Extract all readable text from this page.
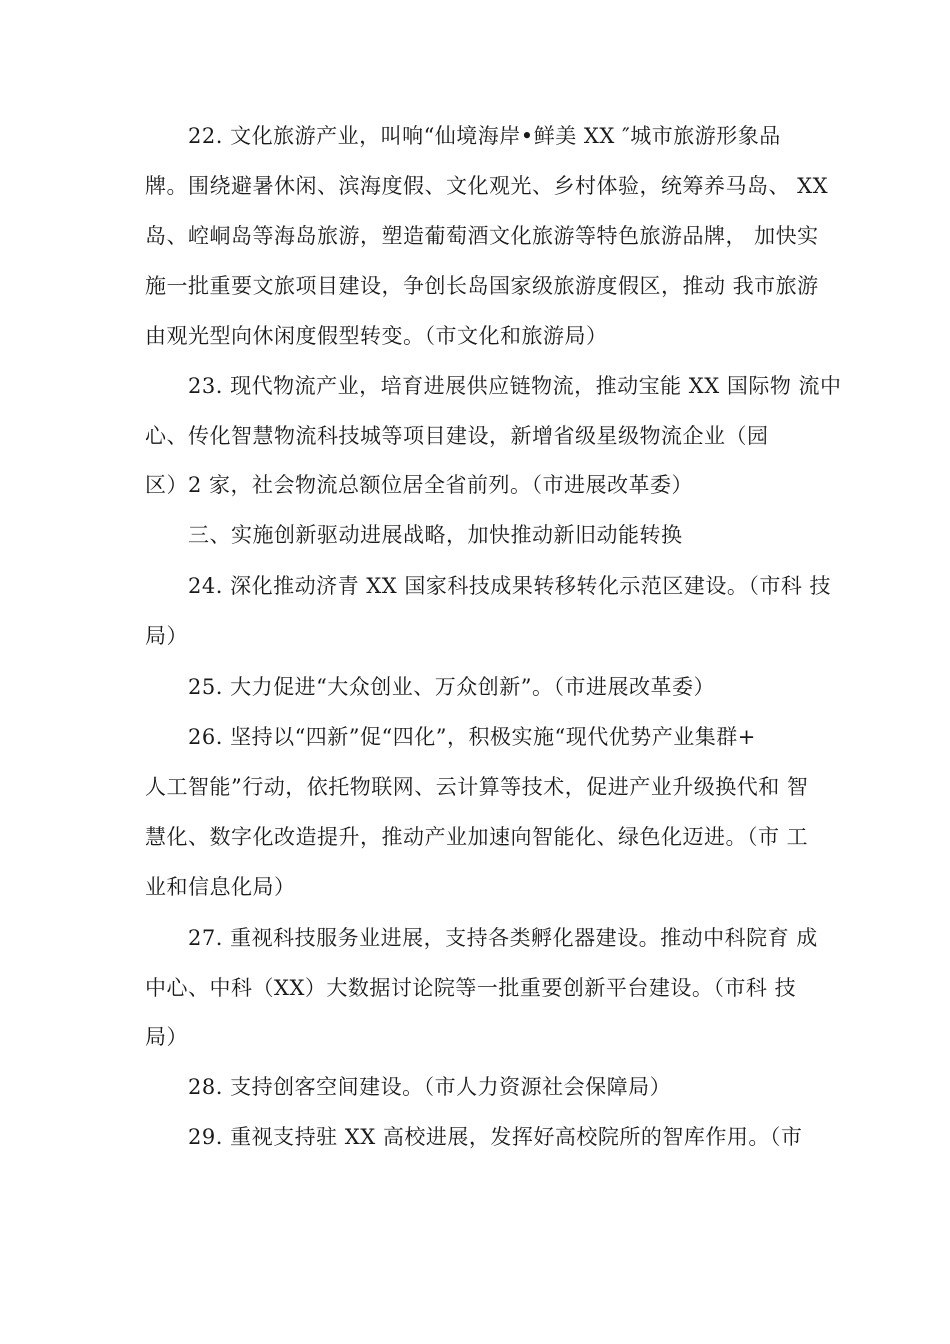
22. 文化旅游产业，叫响“仙境海岸•鲜美 XX ″城市旅游形象品
牌。围绕避暑休闲、滨海度假、文化观光、乡村体验，统筹养马岛、 XX
岛、崆峒岛等海岛旅游，塑造葡萄酒文化旅游等特色旅游品牌， 加快实
施一批重要文旅项目建设，争创长岛国家级旅游度假区，推动 我市旅游
由观光型向休闲度假型转变。（市文化和旅游局）
23. 现代物流产业，培育进展供应链物流，推动宝能 XX 国际物 流中
心、传化智慧物流科技城等项目建设，新增省级星级物流企业（园
区）2 家，社会物流总额位居全省前列。（市进展改革委）
三、实施创新驱动进展战略，加快推动新旧动能转换
24. 深化推动济青 XX 国家科技成果转移转化示范区建设。（市科 技
局）
25. 大力促进“大众创业、万众创新”。（市进展改革委）
26. 坚持以“四新”促“四化”，积极实施“现代优势产业集群+
人工智能”行动，依托物联网、云计算等技术，促进产业升级换代和 智
慧化、数字化改造提升，推动产业加速向智能化、绿色化迈进。（市 工
业和信息化局）
27. 重视科技服务业进展，支持各类孵化器建设。推动中科院育 成
中心、中科（XX）大数据讨论院等一批重要创新平台建设。（市科 技
局）
28. 支持创客空间建设。（市人力资源社会保障局）
29. 重视支持驻 XX 高校进展，发挥好高校院所的智库作用。（市
